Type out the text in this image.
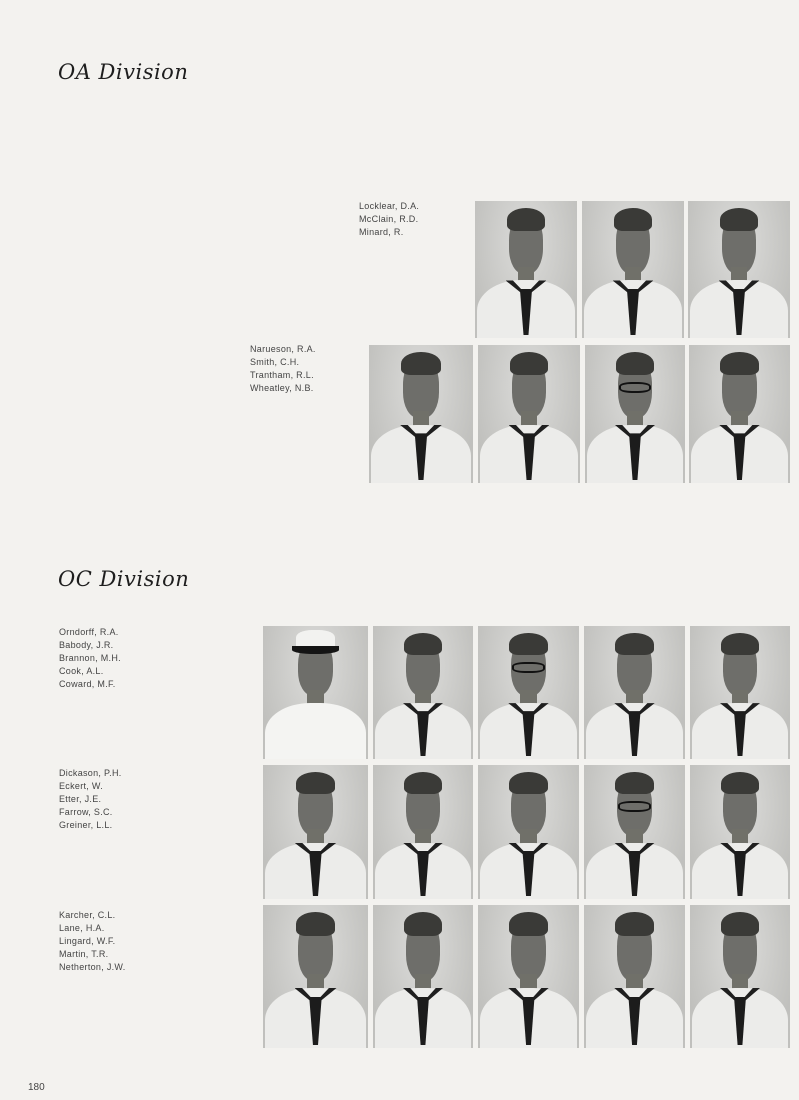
OA Division
Locklear, D.A.
McClain, R.D.
Minard, R.
Narueson, R.A.
Smith, C.H.
Trantham, R.L.
Wheatley, N.B.
OC Division
Orndorff, R.A.
Babody, J.R.
Brannon, M.H.
Cook, A.L.
Coward, M.F.
Dickason, P.H.
Eckert, W.
Etter, J.E.
Farrow, S.C.
Greiner, L.L.
Karcher, C.L.
Lane, H.A.
Lingard, W.F.
Martin, T.R.
Netherton, J.W.
180
